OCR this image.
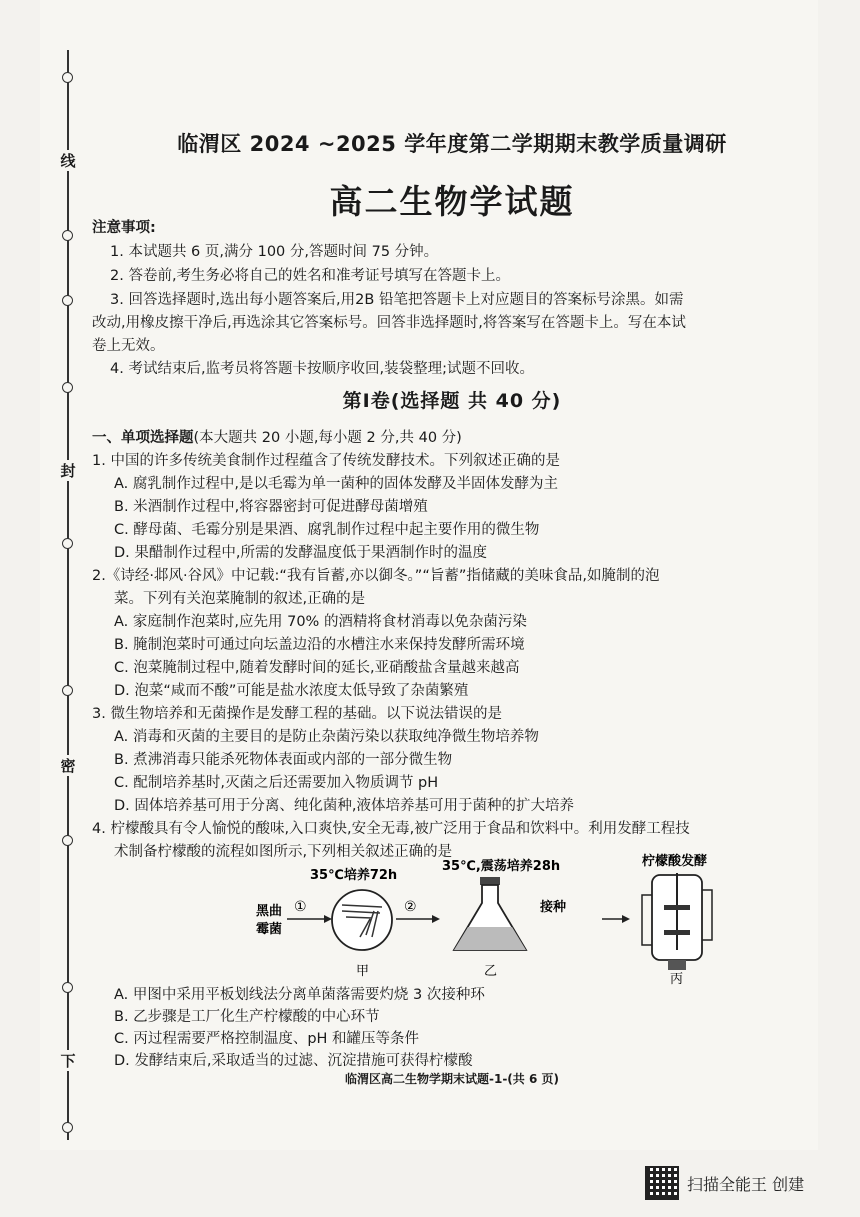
线
封
密
下
临渭区 2024 ~2025 学年度第二学期期末教学质量调研
高二生物学试题
注意事项:
1. 本试题共 6 页,满分 100 分,答题时间 75 分钟。
2. 答卷前,考生务必将自己的姓名和准考证号填写在答题卡上。
3. 回答选择题时,选出每小题答案后,用2B 铅笔把答题卡上对应题目的答案标号涂黑。如需
改动,用橡皮擦干净后,再选涂其它答案标号。回答非选择题时,将答案写在答题卡上。写在本试
卷上无效。
4. 考试结束后,监考员将答题卡按顺序收回,装袋整理;试题不回收。
第Ⅰ卷(选择题 共 40 分)
一、单项选择题(本大题共 20 小题,每小题 2 分,共 40 分)
1. 中国的许多传统美食制作过程蕴含了传统发酵技术。下列叙述正确的是
A. 腐乳制作过程中,是以毛霉为单一菌种的固体发酵及半固体发酵为主
B. 米酒制作过程中,将容器密封可促进酵母菌增殖
C. 酵母菌、毛霉分别是果酒、腐乳制作过程中起主要作用的微生物
D. 果醋制作过程中,所需的发酵温度低于果酒制作时的温度
2.《诗经·邶风·谷风》中记载:“我有旨蓄,亦以御冬。”“旨蓄”指储藏的美味食品,如腌制的泡
菜。下列有关泡菜腌制的叙述,正确的是
A. 家庭制作泡菜时,应先用 70% 的酒精将食材消毒以免杂菌污染
B. 腌制泡菜时可通过向坛盖边沿的水槽注水来保持发酵所需环境
C. 泡菜腌制过程中,随着发酵时间的延长,亚硝酸盐含量越来越高
D. 泡菜“咸而不酸”可能是盐水浓度太低导致了杂菌繁殖
3. 微生物培养和无菌操作是发酵工程的基础。以下说法错误的是
A. 消毒和灭菌的主要目的是防止杂菌污染以获取纯净微生物培养物
B. 煮沸消毒只能杀死物体表面或内部的一部分微生物
C. 配制培养基时,灭菌之后还需要加入物质调节 pH
D. 固体培养基可用于分离、纯化菌种,液体培养基可用于菌种的扩大培养
4. 柠檬酸具有令人愉悦的酸味,入口爽快,安全无毒,被广泛用于食品和饮料中。利用发酵工程技
术制备柠檬酸的流程如图所示,下列相关叙述正确的是
黑曲
霉菌
①
35℃培养72h
甲
②
35℃,震荡培养28h
乙
接种
柠檬酸发酵
丙
A. 甲图中采用平板划线法分离单菌落需要灼烧 3 次接种环
B. 乙步骤是工厂化生产柠檬酸的中心环节
C. 丙过程需要严格控制温度、pH 和罐压等条件
D. 发酵结束后,采取适当的过滤、沉淀措施可获得柠檬酸
临渭区高二生物学期末试题-1-(共 6 页)
扫描全能王 创建
